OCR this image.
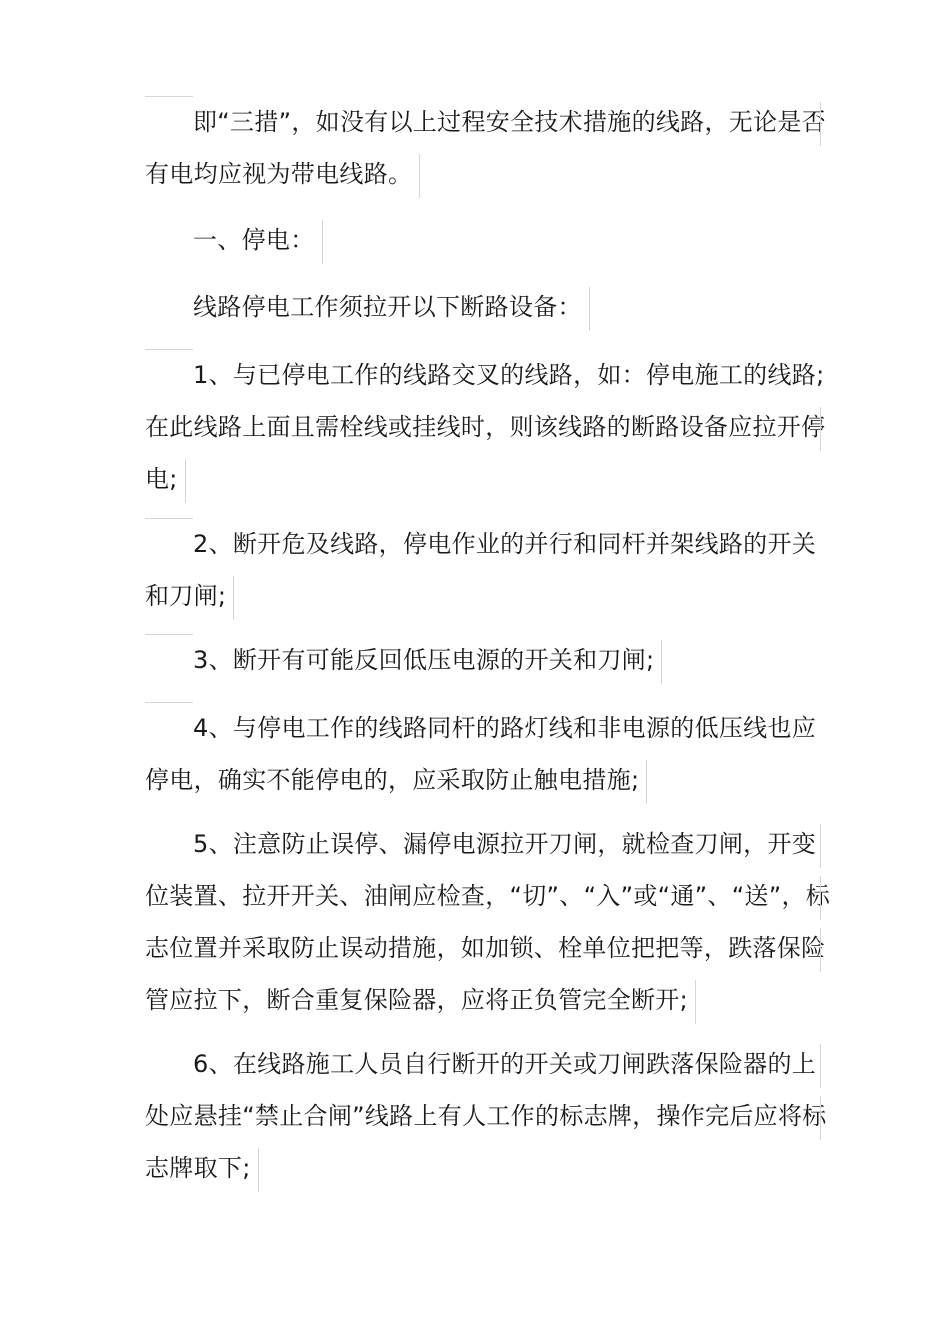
即“三措”，如没有以上过程安全技术措施的线路，无论是否
有电均应视为带电线路。
一、停电：
线路停电工作须拉开以下断路设备：
1、与已停电工作的线路交叉的线路，如：停电施工的线路;
在此线路上面且需栓线或挂线时，则该线路的断路设备应拉开停
电;
2、断开危及线路，停电作业的并行和同杆并架线路的开关
和刀闸;
3、断开有可能反回低压电源的开关和刀闸;
4、与停电工作的线路同杆的路灯线和非电源的低压线也应
停电，确实不能停电的，应采取防止触电措施;
5、注意防止误停、漏停电源拉开刀闸，就检查刀闸，开变
位装置、拉开开关、油闸应检查，“切”、“入”或“通”、“送”，标
志位置并采取防止误动措施，如加锁、栓单位把把等，跌落保险
管应拉下，断合重复保险器，应将正负管完全断开;
6、在线路施工人员自行断开的开关或刀闸跌落保险器的上
处应悬挂“禁止合闸”线路上有人工作的标志牌，操作完后应将标
志牌取下;
